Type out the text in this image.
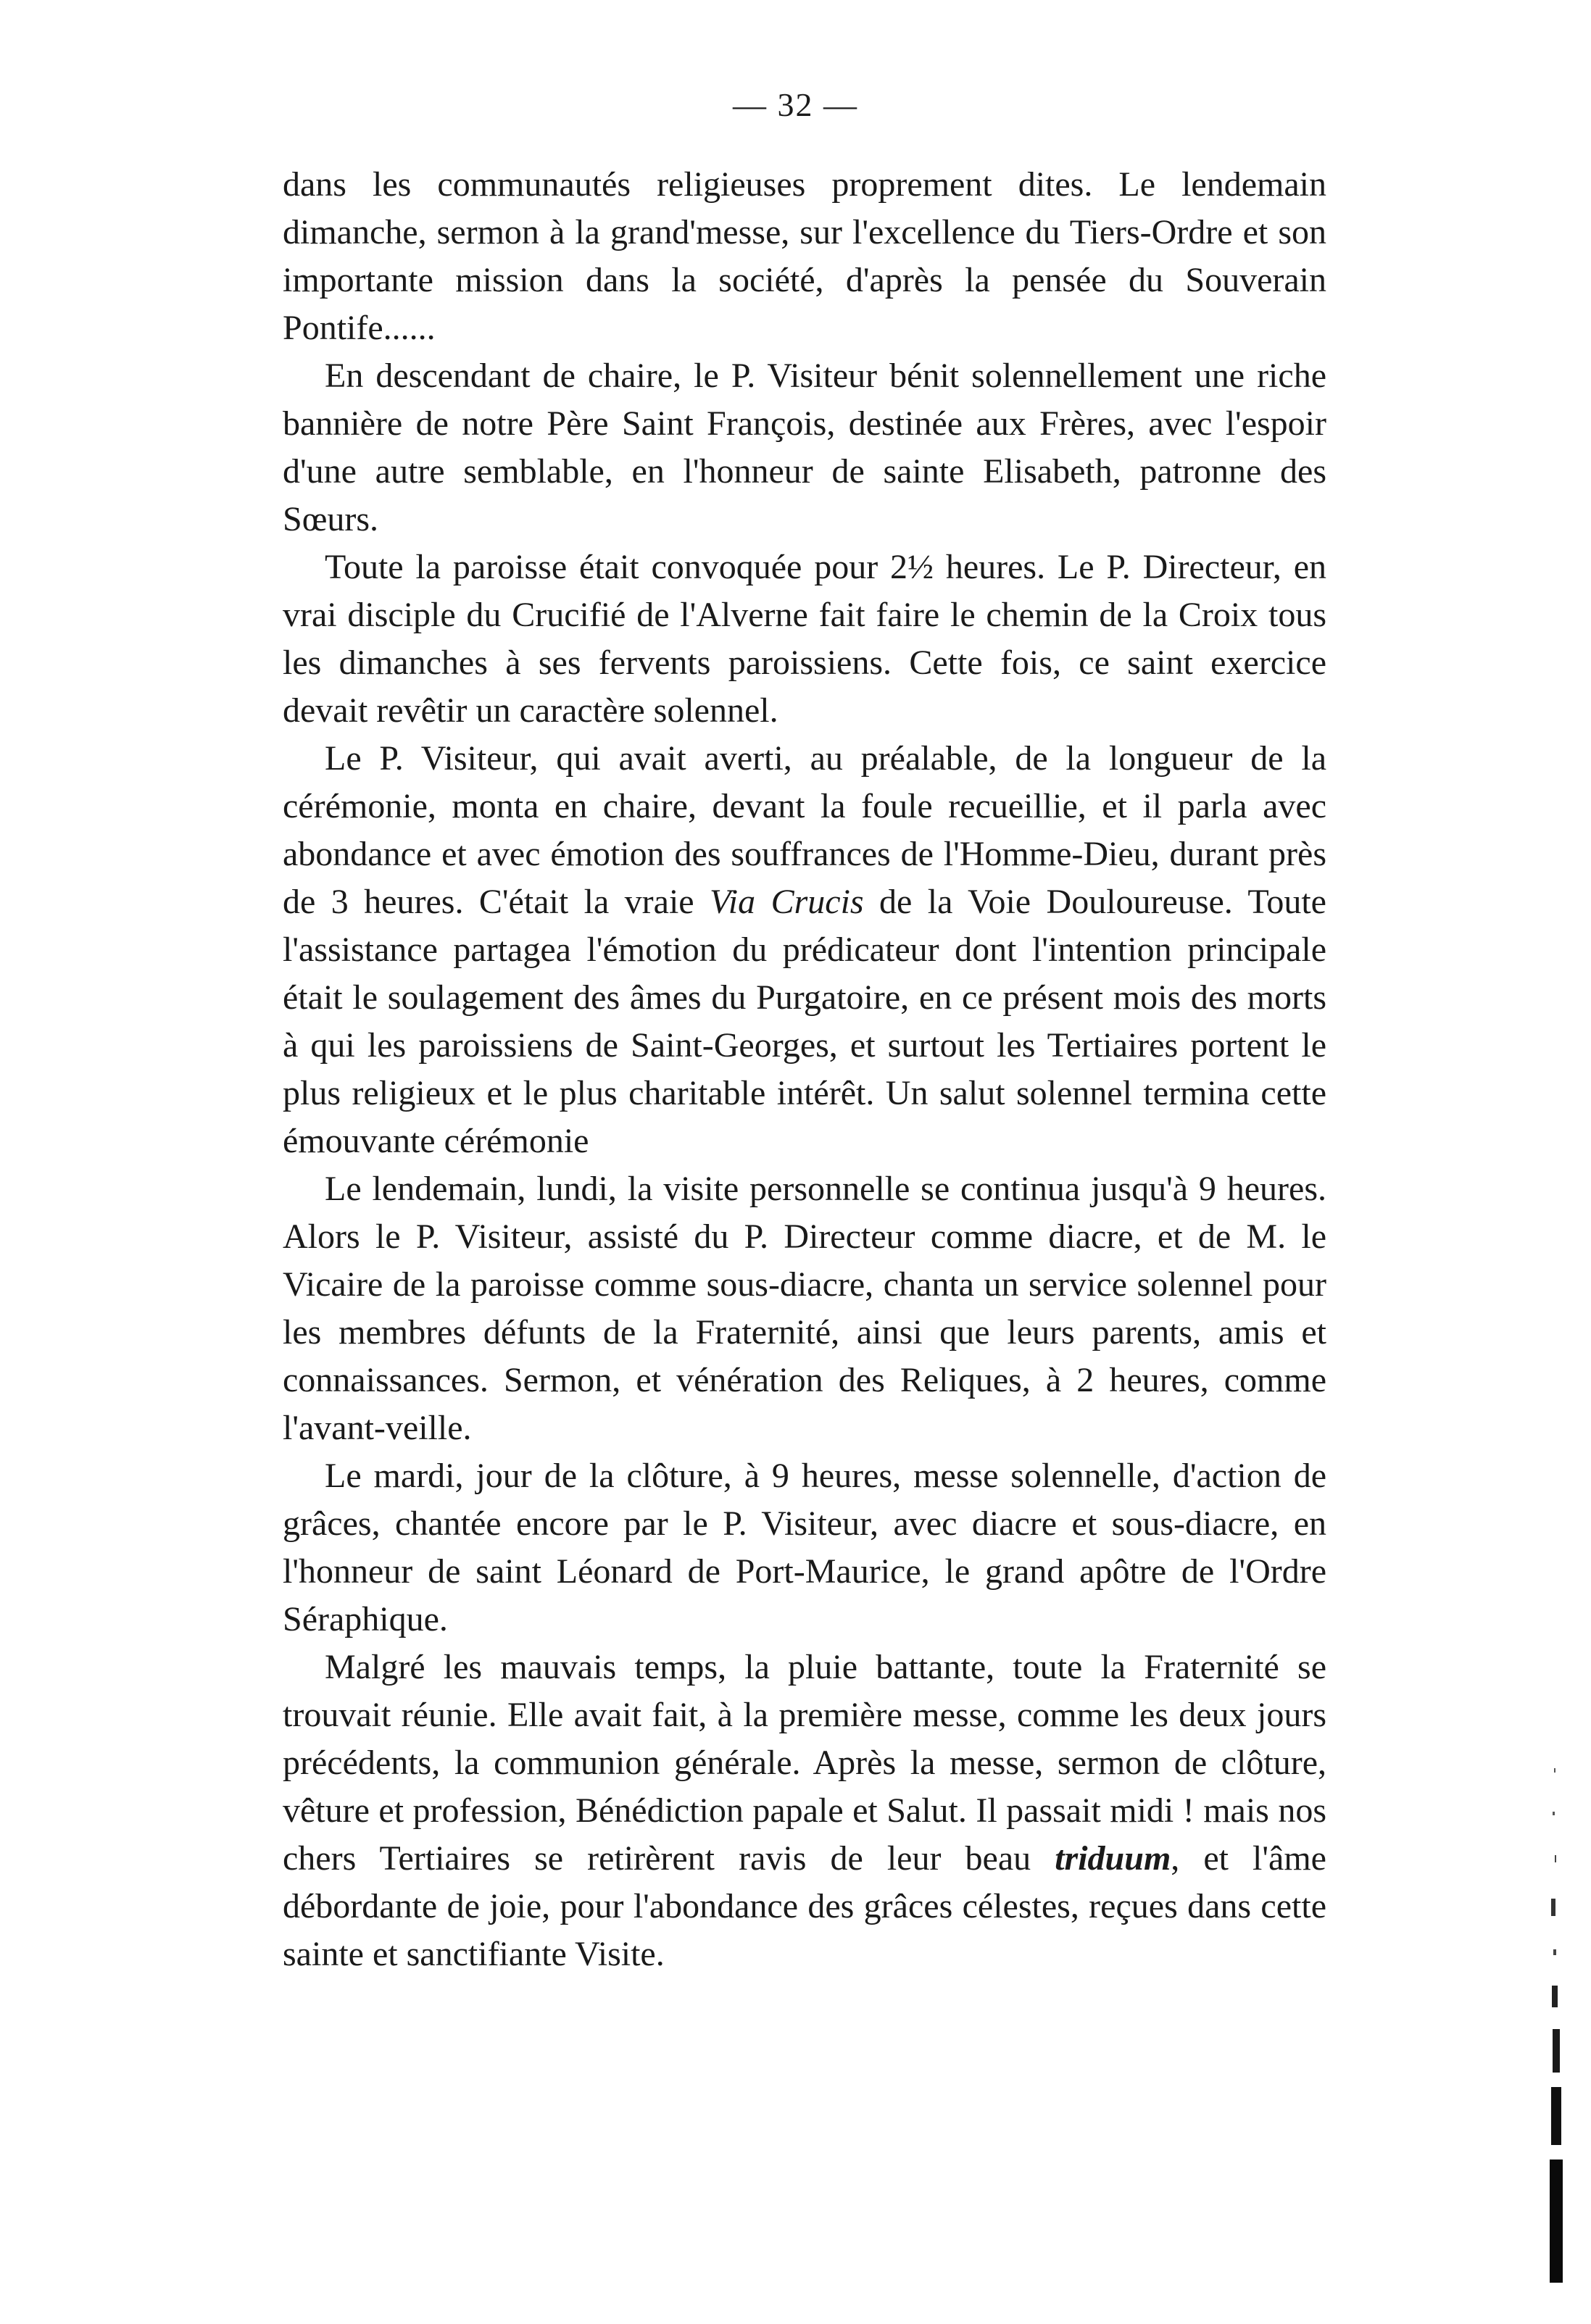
— 32 —

dans les communautés religieuses proprement dites. Le lendemain dimanche, sermon à la grand'messe, sur l'excellence du Tiers-Ordre et son importante mission dans la société, d'après la pensée du Souverain Pontife......

En descendant de chaire, le P. Visiteur bénit solennellement une riche bannière de notre Père Saint François, destinée aux Frères, avec l'espoir d'une autre semblable, en l'honneur de sainte Elisabeth, patronne des Sœurs.

Toute la paroisse était convoquée pour 2½ heures. Le P. Directeur, en vrai disciple du Crucifié de l'Alverne fait faire le chemin de la Croix tous les dimanches à ses fervents paroissiens. Cette fois, ce saint exercice devait revêtir un caractère solennel.

Le P. Visiteur, qui avait averti, au préalable, de la longueur de la cérémonie, monta en chaire, devant la foule recueillie, et il parla avec abondance et avec émotion des souffrances de l'Homme-Dieu, durant près de 3 heures. C'était la vraie Via Crucis de la Voie Douloureuse. Toute l'assistance partagea l'émotion du prédicateur dont l'intention principale était le soulagement des âmes du Purgatoire, en ce présent mois des morts à qui les paroissiens de Saint-Georges, et surtout les Tertiaires portent le plus religieux et le plus charitable intérêt. Un salut solennel termina cette émouvante cérémonie

Le lendemain, lundi, la visite personnelle se continua jusqu'à 9 heures. Alors le P. Visiteur, assisté du P. Directeur comme diacre, et de M. le Vicaire de la paroisse comme sous-diacre, chanta un service solennel pour les membres défunts de la Fraternité, ainsi que leurs parents, amis et connaissances. Sermon, et vénération des Reliques, à 2 heures, comme l'avant-veille.

Le mardi, jour de la clôture, à 9 heures, messe solennelle, d'action de grâces, chantée encore par le P. Visiteur, avec diacre et sous-diacre, en l'honneur de saint Léonard de Port-Maurice, le grand apôtre de l'Ordre Séraphique.

Malgré les mauvais temps, la pluie battante, toute la Fraternité se trouvait réunie. Elle avait fait, à la première messe, comme les deux jours précédents, la communion générale. Après la messe, sermon de clôture, vêture et profession, Bénédiction papale et Salut. Il passait midi ! mais nos chers Tertiaires se retirèrent ravis de leur beau triduum, et l'âme débordante de joie, pour l'abondance des grâces célestes, reçues dans cette sainte et sanctifiante Visite.
